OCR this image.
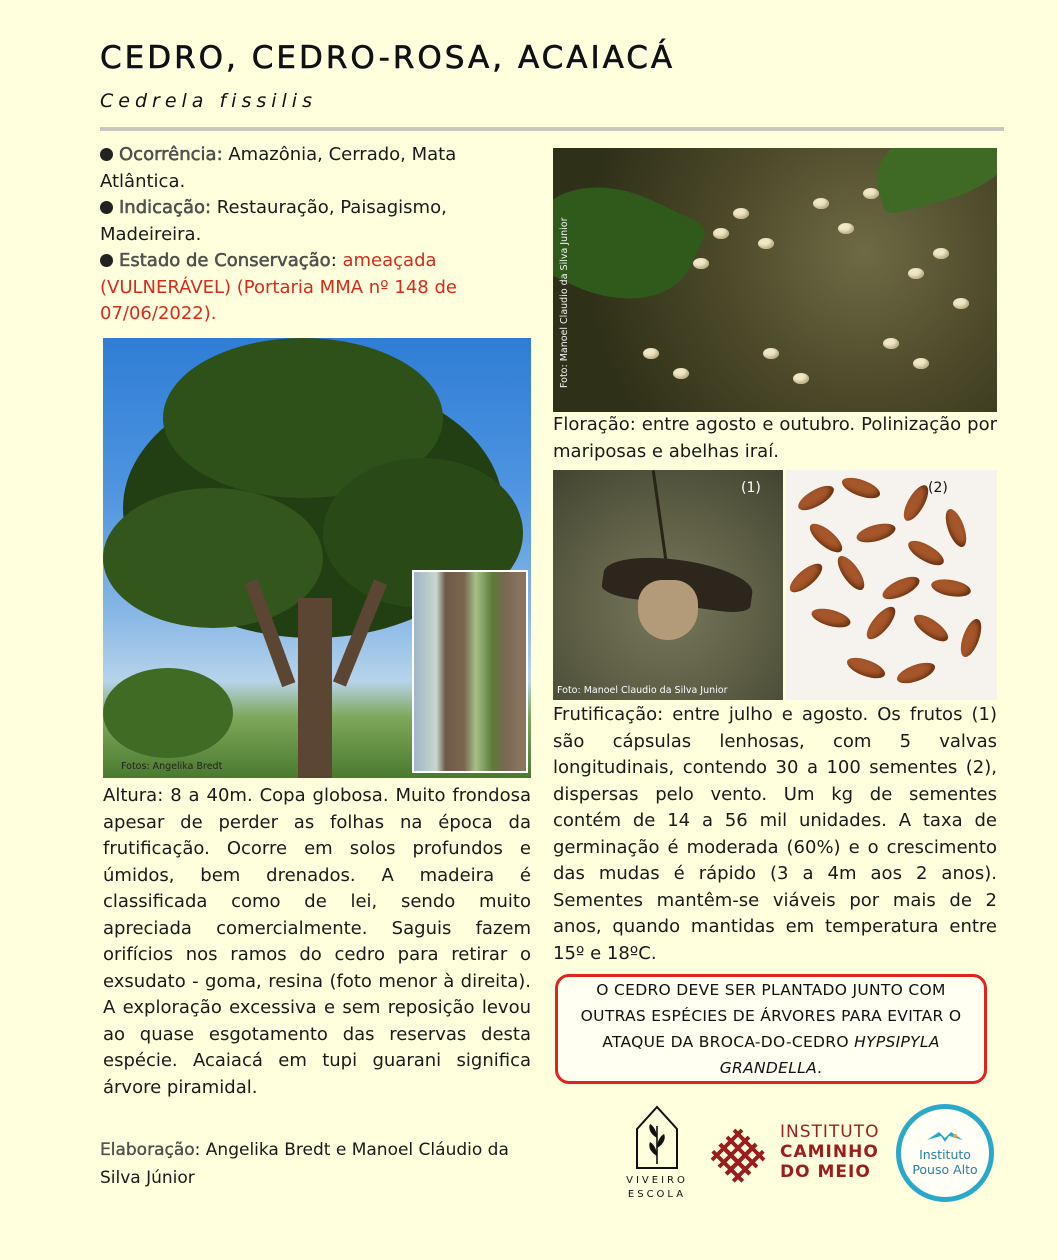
CEDRO, CEDRO-ROSA, ACAIACÁ
Cedrela fissilis
Ocorrência: Amazônia, Cerrado, Mata Atlântica.
Indicação: Restauração, Paisagismo, Madeireira.
Estado de Conservação: ameaçada (VULNERÁVEL) (Portaria MMA nº 148 de 07/06/2022).
Fotos: Angelika Bredt
Foto: Manoel Claudio da Silva Junior
Floração: entre agosto e outubro. Polinização por mariposas e abelhas iraí.
(1)
Foto: Manoel Claudio da Silva Junior
(2)
Frutificação: entre julho e agosto. Os frutos (1) são cápsulas lenhosas, com 5 valvas longitudinais, contendo 30 a 100 sementes (2), dispersas pelo vento. Um kg de sementes contém de 14 a 56 mil unidades. A taxa de germinação é moderada (60%) e o crescimento das mudas é rápido (3 a 4m aos 2 anos). Sementes mantêm-se viáveis por mais de 2 anos, quando mantidas em temperatura entre 15º e 18ºC.
Altura: 8 a 40m. Copa globosa. Muito frondosa apesar de perder as folhas na época da frutificação. Ocorre em solos profundos e úmidos, bem drenados. A madeira é classificada como de lei, sendo muito apreciada comercialmente. Saguis fazem orifícios nos ramos do cedro para retirar o exsudato - goma, resina (foto menor à direita). A exploração excessiva e sem reposição levou ao quase esgotamento das reservas desta espécie. Acaiacá em tupi guarani significa árvore piramidal.
O CEDRO DEVE SER PLANTADO JUNTO COM OUTRAS ESPÉCIES DE ÁRVORES PARA EVITAR O ATAQUE DA BROCA-DO-CEDRO HYPSIPYLA GRANDELLA.
Elaboração: Angelika Bredt e Manoel Cláudio da Silva Júnior	VIVEIRO
ESCOLA
INSTITUTO
CAMINHO
DO MEIO
Instituto
Pouso Alto
